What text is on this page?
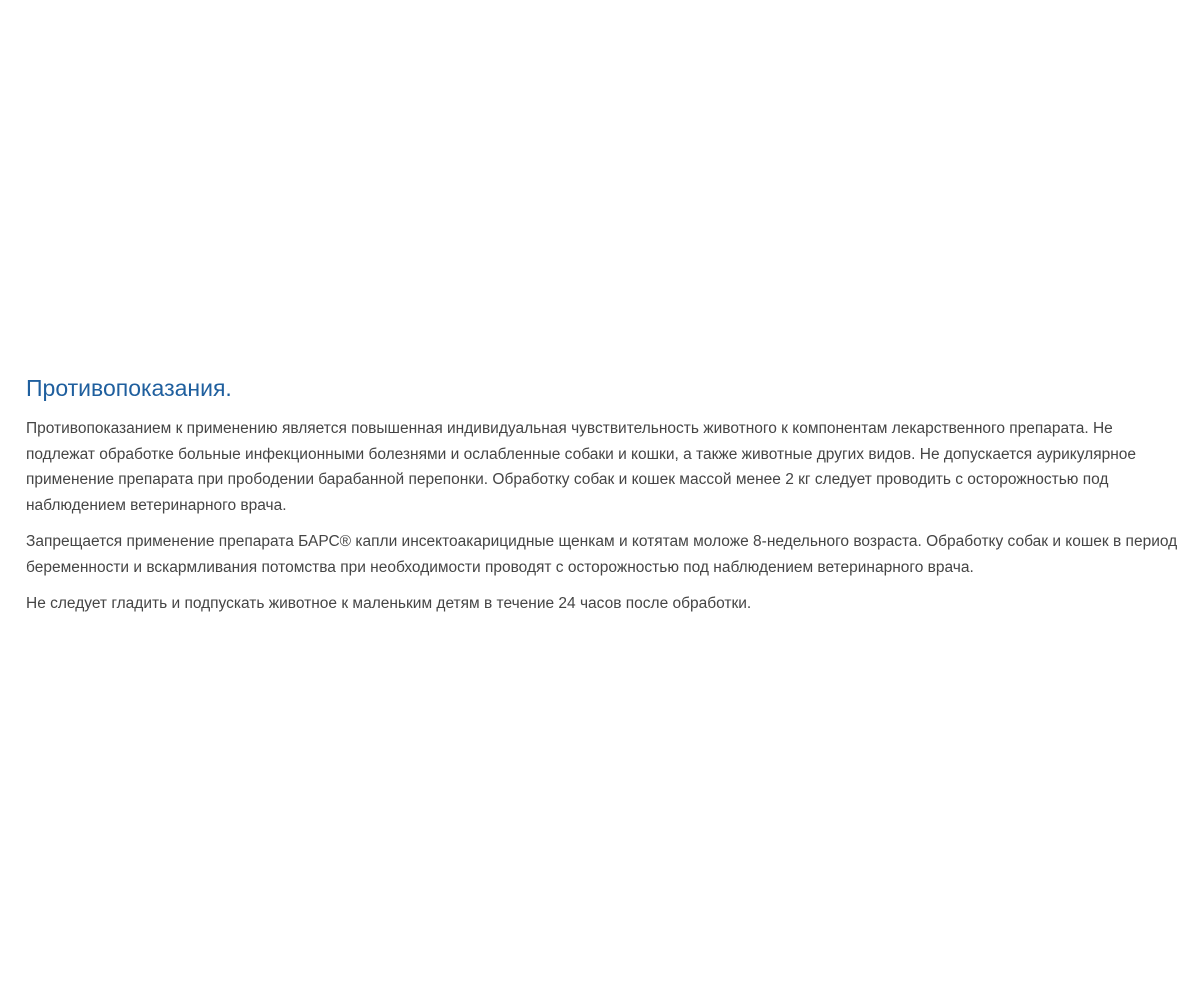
Противопоказания.

Противопоказанием к применению является повышенная индивидуальная чувствительность животного к компонентам лекарственного препарата. Не подлежат обработке больные инфекционными болезнями и ослабленные собаки и кошки, а также животные других видов. Не допускается аурикулярное применение препарата при прободении барабанной перепонки. Обработку собак и кошек массой менее 2 кг следует проводить с осторожностью под наблюдением ветеринарного врача.

Запрещается применение препарата БАРС® капли инсектоакарицидные щенкам и котятам моложе 8-недельного возраста. Обработку собак и кошек в период беременности и вскармливания потомства при необходимости проводят с осторожностью под наблюдением ветеринарного врача.

Не следует гладить и подпускать животное к маленьким детям в течение 24 часов после обработки.
